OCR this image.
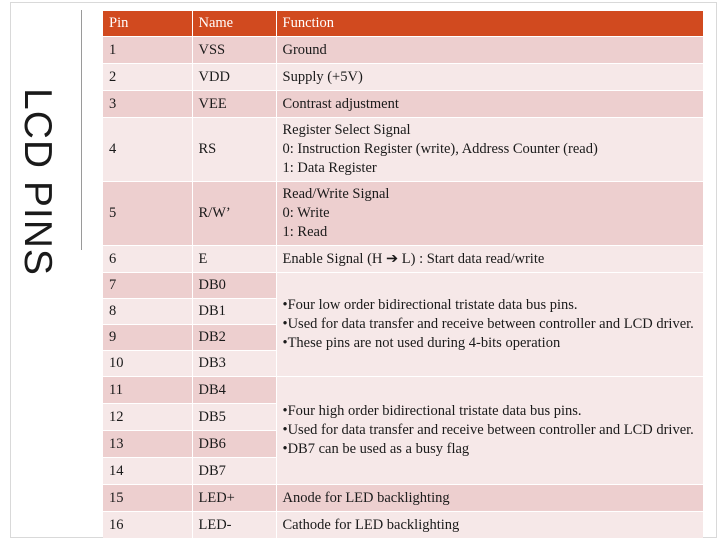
LCD PINS
Pin	Name	Function
1	VSS	Ground

2	VDD	Supply (+5V)

3	VEE	Contrast adjustment

4	RS	Register Select Signal
0: Instruction Register (write), Address Counter (read)
1: Data Register

5	R/W’	Read/Write Signal
0: Write
1: Read

6	E	Enable Signal (H ➔ L) : Start data read/write

7	DB0	•Four low order bidirectional tristate data bus pins.
•Used for data transfer and receive between controller and LCD driver.
•These pins are not used during 4-bits operation

8	DB1	
9	DB2	
10	DB3	
11	DB4	•Four high order bidirectional tristate data bus pins.
•Used for data transfer and receive between controller and LCD driver.
•DB7 can be used as a busy flag

12	DB5	
13	DB6	
14	DB7	
15	LED+	Anode for LED backlighting

16	LED-	Cathode for LED backlighting
